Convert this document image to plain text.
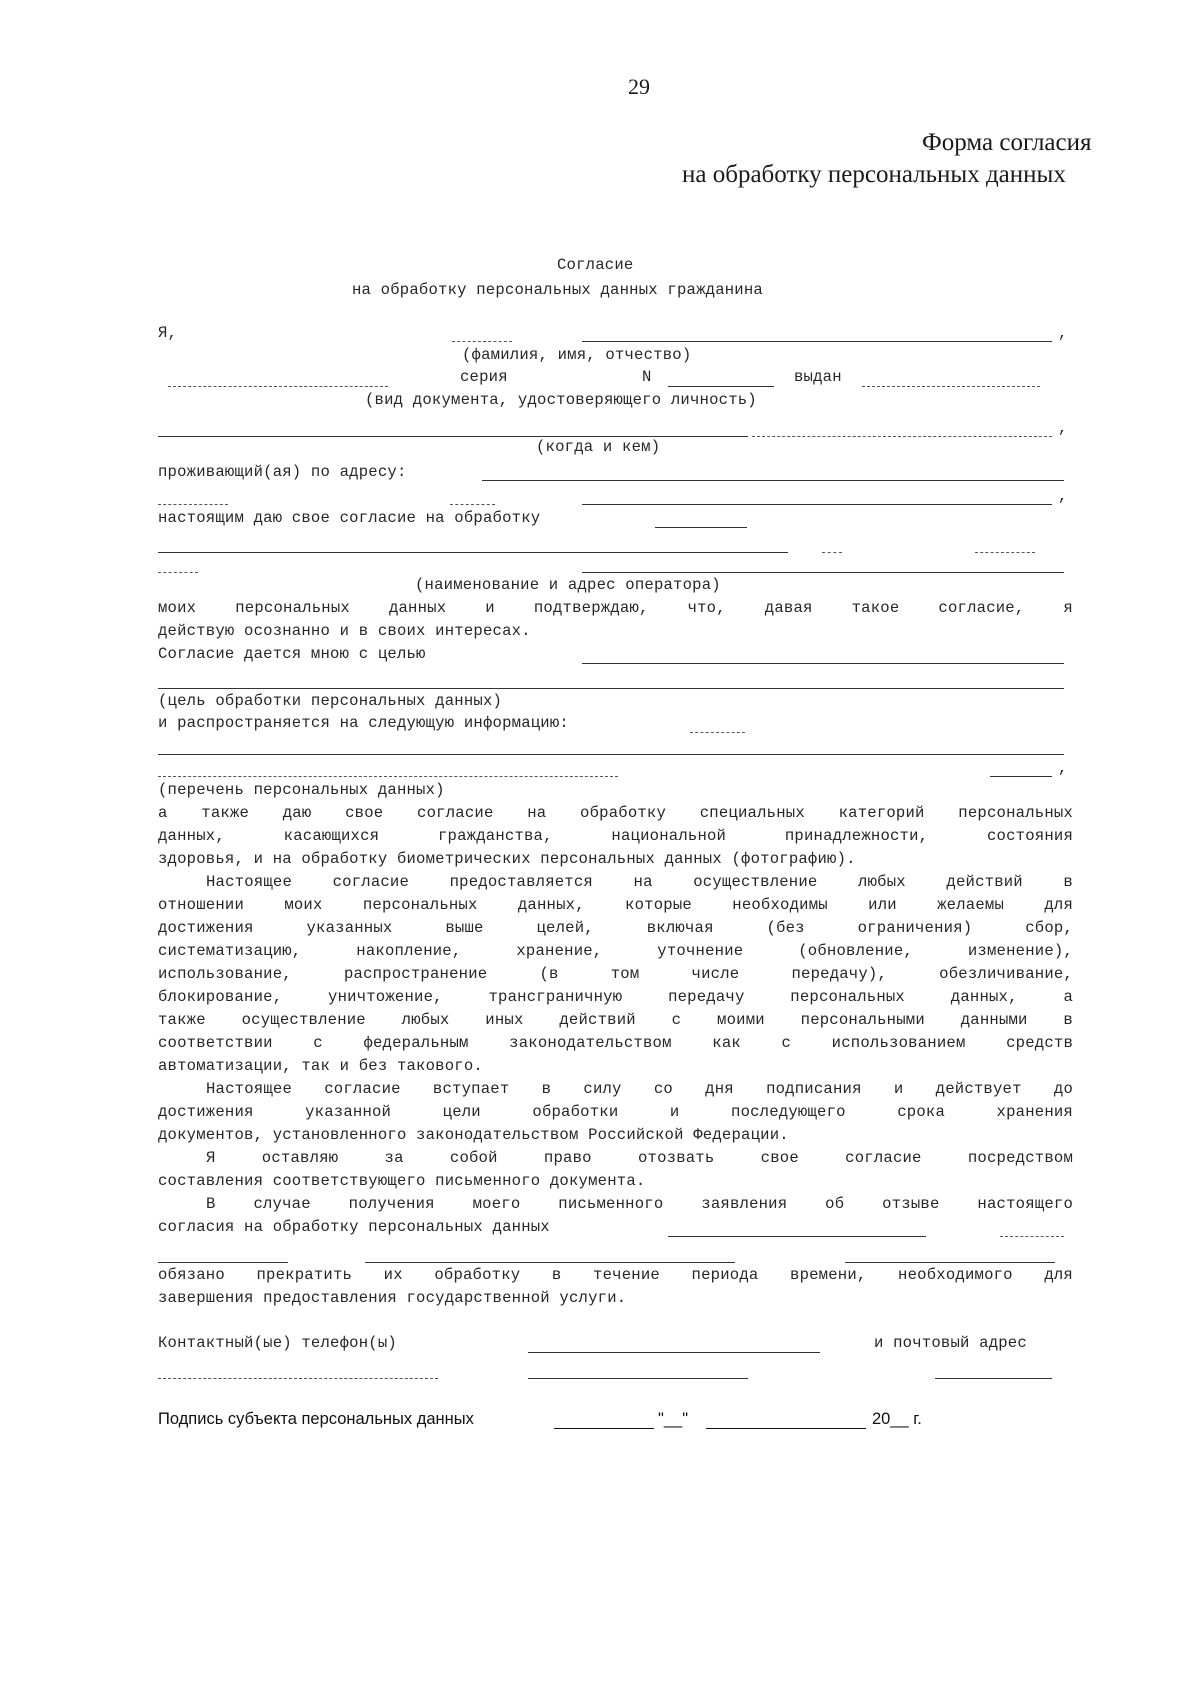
29
Форма согласия
на обработку персональных данных
Согласие
на обработку персональных данных гражданина
Я,	,
(фамилия, имя, отчество)
серия	N	выдан
(вид документа, удостоверяющего личность)
,
(когда и кем)
проживающий(ая) по адресу:
,
настоящим даю свое согласие на обработку
(наименование и адрес оператора)
моих персональных данных и подтверждаю, что, давая такое согласие, я
действую осознанно и в своих интересах.
Согласие дается мною с целью
(цель обработки персональных данных)
и распространяется на следующую информацию:
,
(перечень персональных данных)
а также даю свое согласие на обработку специальных категорий персональных
данных, касающихся гражданства, национальной принадлежности, состояния
здоровья, и на обработку биометрических персональных данных (фотографию).
Настоящее согласие предоставляется на осуществление любых действий в
отношении моих персональных данных, которые необходимы или желаемы для
достижения указанных выше целей, включая (без ограничения) сбор,
систематизацию, накопление, хранение, уточнение (обновление, изменение),
использование, распространение (в том числе передачу), обезличивание,
блокирование, уничтожение, трансграничную передачу персональных данных, а
также осуществление любых иных действий с моими персональными данными в
соответствии с федеральным законодательством как с использованием средств
автоматизации, так и без такового.
Настоящее согласие вступает в силу со дня подписания и действует до
достижения указанной цели обработки и последующего срока хранения
документов, установленного законодательством Российской Федерации.
Я оставляю за собой право отозвать свое согласие посредством
составления соответствующего письменного документа.
В случае получения моего письменного заявления об отзыве настоящего
согласия на обработку персональных данных
обязано прекратить их обработку в течение периода времени, необходимого для
завершения предоставления государственной услуги.
Контактный(ые) телефон(ы)	и почтовый адрес
Подпись субъекта персональных данных	"__"	20__ г.
